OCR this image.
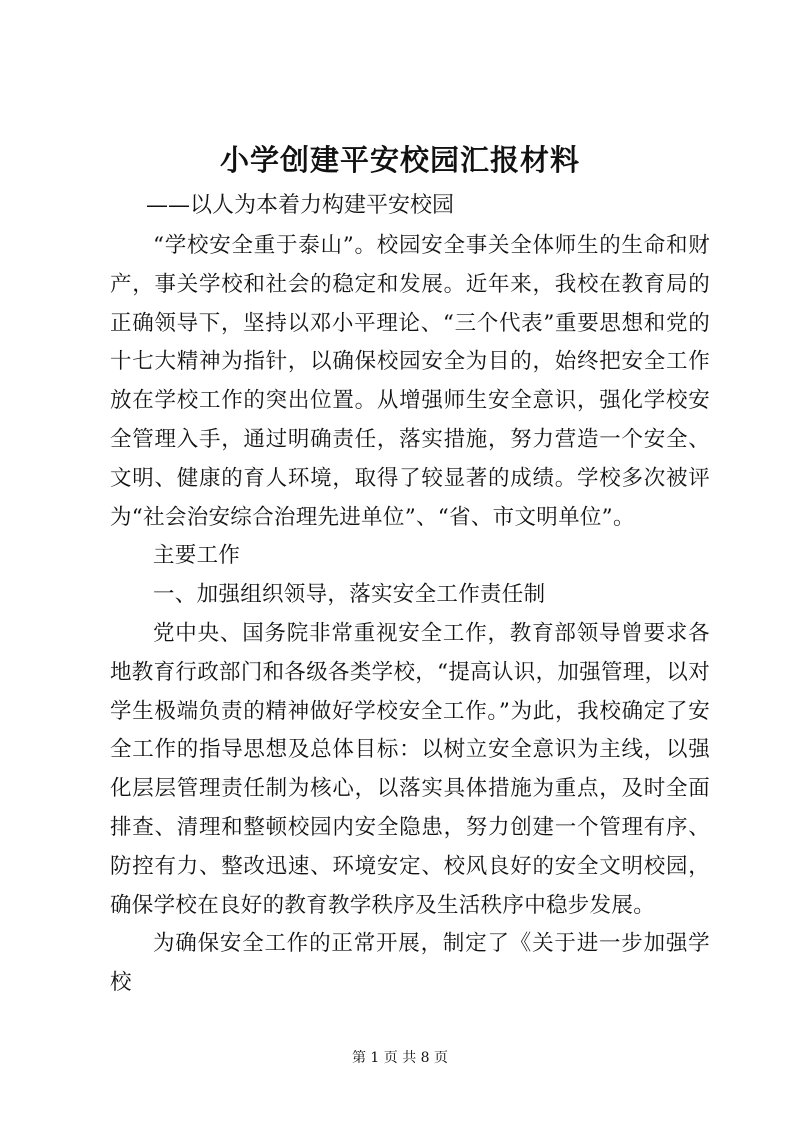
小学创建平安校园汇报材料
——以人为本着力构建平安校园

“学校安全重于泰山”。校园安全事关全体师生的生命和财产，事关学校和社会的稳定和发展。近年来，我校在教育局的正确领导下，坚持以邓小平理论、“三个代表”重要思想和党的十七大精神为指针，以确保校园安全为目的，始终把安全工作放在学校工作的突出位置。从增强师生安全意识，强化学校安全管理入手，通过明确责任，落实措施，努力营造一个安全、文明、健康的育人环境，取得了较显著的成绩。学校多次被评为“社会治安综合治理先进单位”、“省、市文明单位”。

主要工作

一、加强组织领导，落实安全工作责任制

党中央、国务院非常重视安全工作，教育部领导曾要求各地教育行政部门和各级各类学校，“提高认识，加强管理，以对学生极端负责的精神做好学校安全工作。”为此，我校确定了安全工作的指导思想及总体目标：以树立安全意识为主线，以强化层层管理责任制为核心，以落实具体措施为重点，及时全面排查、清理和整顿校园内安全隐患，努力创建一个管理有序、防控有力、整改迅速、环境安定、校风良好的安全文明校园，确保学校在良好的教育教学秩序及生活秩序中稳步发展。

为确保安全工作的正常开展，制定了《关于进一步加强学校

第 1 页 共 8 页
